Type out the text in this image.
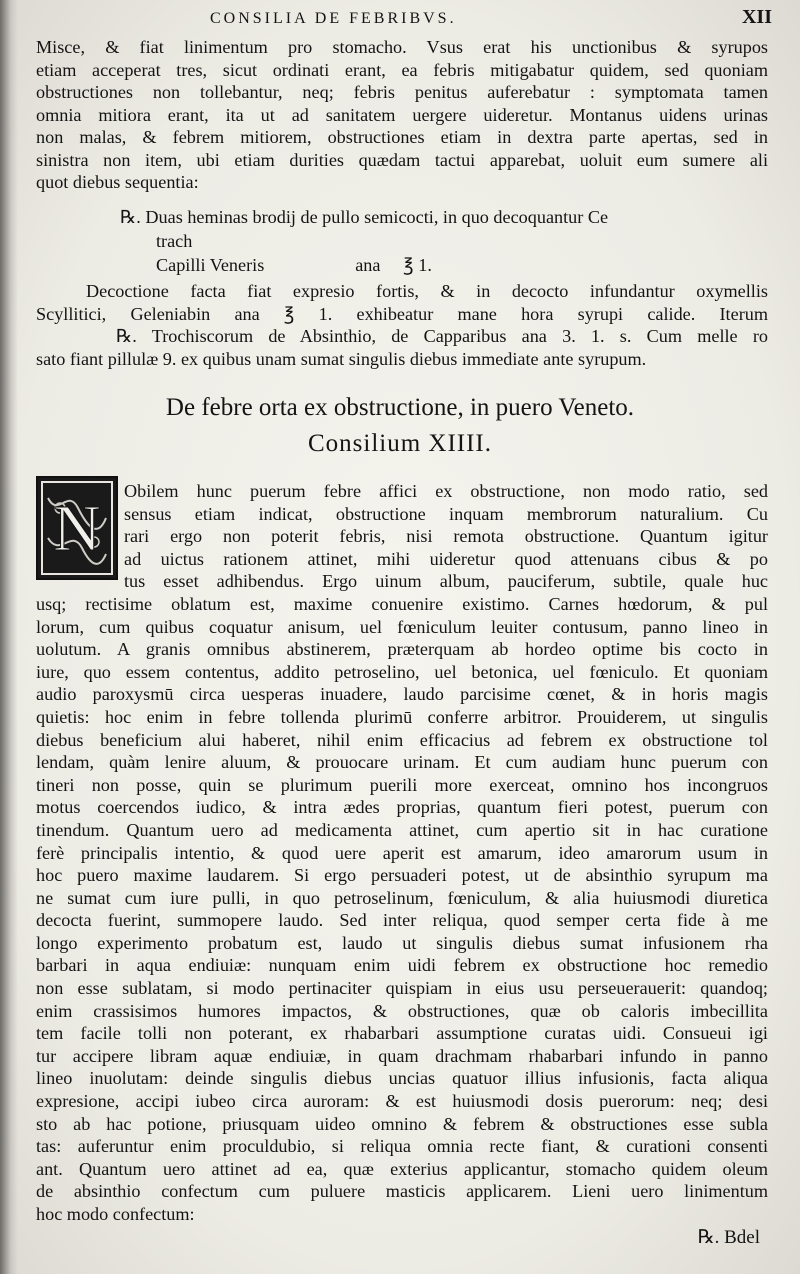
CONSILIA DE FEBRIBVS.	XII
Misce, & fiat linimentum pro stomacho. Vsus erat his unctionibus & syrupos
etiam acceperat tres, sicut ordinati erant, ea febris mitigabatur quidem, sed quoniam
obstructiones non tollebantur, neq; febris penitus auferebatur : symptomata tamen
omnia mitiora erant, ita ut ad sanitatem uergere uideretur. Montanus uidens urinas
non malas, & febrem mitiorem, obstructiones etiam in dextra parte apertas, sed in
sinistra non item, ubi etiam durities quædam tactui apparebat, uoluit eum sumere ali
quot diebus sequentia:
℞. Duas heminas brodij de pullo semicocti, in quo decoquantur Ce
trach
Capilli Veneris                    ana     ℥ 1.
Decoctione facta fiat expresio fortis, & in decocto infundantur oxymellis
Scyllitici, Geleniabin ana ℥ 1. exhibeatur mane hora syrupi calide. Iterum
℞. Trochiscorum de Absinthio, de Capparibus ana 3. 1. s. Cum melle ro
sato fiant pillulæ 9. ex quibus unam sumat singulis diebus immediate ante syrupum.
De febre orta ex obstructione, in puero Veneto.
Consilium XIIII.
N
Obilem hunc puerum febre affici ex obstructione, non modo ratio, sed
sensus etiam indicat, obstructione inquam membrorum naturalium. Cu
rari ergo non poterit febris, nisi remota obstructione. Quantum igitur
ad uictus rationem attinet, mihi uideretur quod attenuans cibus & po
tus esset adhibendus. Ergo uinum album, pauciferum, subtile, quale huc
usq; rectisime oblatum est, maxime conuenire existimo. Carnes hœdorum, & pul
lorum, cum quibus coquatur anisum, uel fœniculum leuiter contusum, panno lineo in
uolutum. A granis omnibus abstinerem, præterquam ab hordeo optime bis cocto in
iure, quo essem contentus, addito petroselino, uel betonica, uel fœniculo. Et quoniam
audio paroxysmū circa uesperas inuadere, laudo parcisime cœnet, & in horis magis
quietis: hoc enim in febre tollenda plurimū conferre arbitror. Prouiderem, ut singulis
diebus beneficium alui haberet, nihil enim efficacius ad febrem ex obstructione tol
lendam, quàm lenire aluum, & prouocare urinam. Et cum audiam hunc puerum con
tineri non posse, quin se plurimum puerili more exerceat, omnino hos incongruos
motus coercendos iudico, & intra ædes proprias, quantum fieri potest, puerum con
tinendum. Quantum uero ad medicamenta attinet, cum apertio sit in hac curatione
ferè principalis intentio, & quod uere aperit est amarum, ideo amarorum usum in
hoc puero maxime laudarem. Si ergo persuaderi potest, ut de absinthio syrupum ma
ne sumat cum iure pulli, in quo petroselinum, fœniculum, & alia huiusmodi diuretica
decocta fuerint, summopere laudo. Sed inter reliqua, quod semper certa fide à me
longo experimento probatum est, laudo ut singulis diebus sumat infusionem rha
barbari in aqua endiuiæ: nunquam enim uidi febrem ex obstructione hoc remedio
non esse sublatam, si modo pertinaciter quispiam in eius usu perseuerauerit: quandoq;
enim crassisimos humores impactos, & obstructiones, quæ ob caloris imbecillita
tem facile tolli non poterant, ex rhabarbari assumptione curatas uidi. Consueui igi
tur accipere libram aquæ endiuiæ, in quam drachmam rhabarbari infundo in panno
lineo inuolutam: deinde singulis diebus uncias quatuor illius infusionis, facta aliqua
expresione, accipi iubeo circa auroram: & est huiusmodi dosis puerorum: neq; desi
sto ab hac potione, priusquam uideo omnino & febrem & obstructiones esse subla
tas: auferuntur enim proculdubio, si reliqua omnia recte fiant, & curationi consenti
ant. Quantum uero attinet ad ea, quæ exterius applicantur, stomacho quidem oleum
de absinthio confectum cum puluere masticis applicarem. Lieni uero linimentum
hoc modo confectum:
℞. Bdel
